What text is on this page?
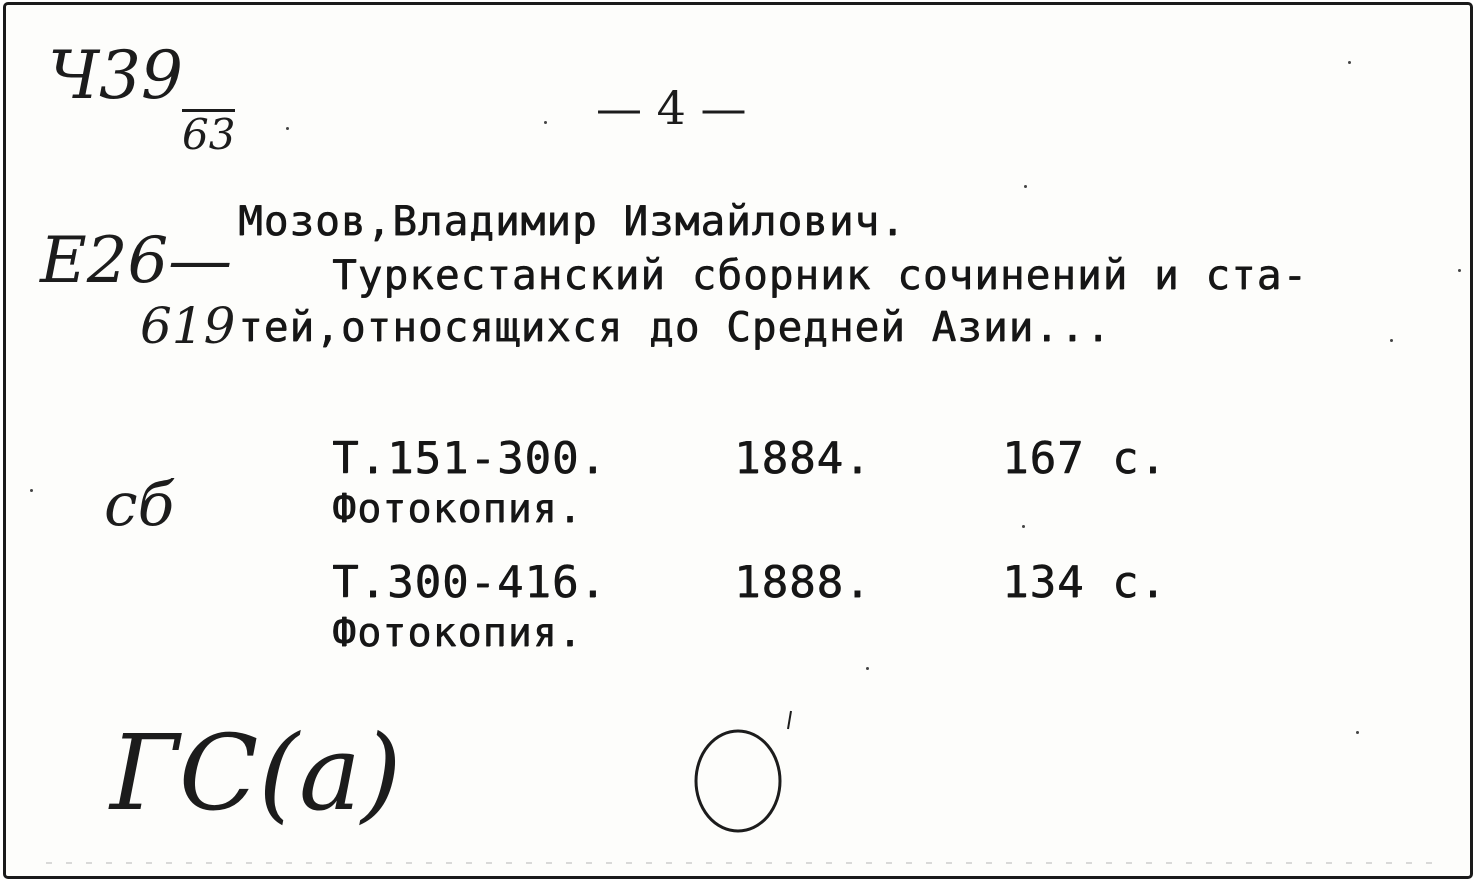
Ч39
63	— 4 —
Мозов,Владимир Измайлович.
Туркестанский сборник сочинений и ста-
тей,относящихся до Средней Азии...
Е26—
619
сб
Т.151-300.	1884.	167 с.
Фотокопия.
Т.300-416.	1888.	134 с.
Фотокопия.
ГС(а)
